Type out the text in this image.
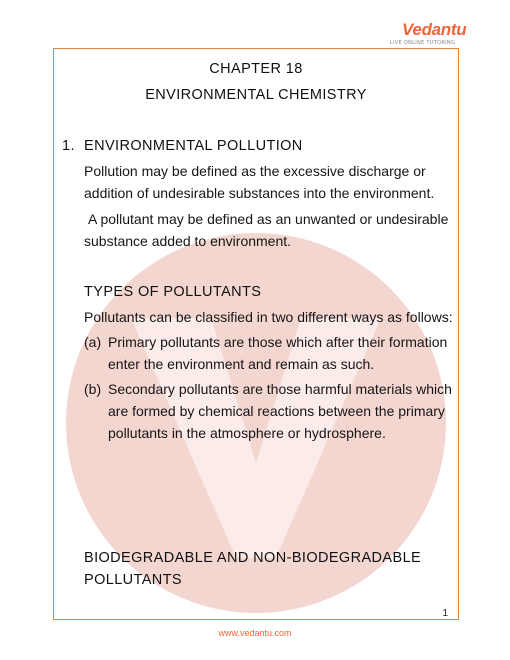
Vedantu
LIVE ONLINE TUTORING
CHAPTER 18
ENVIRONMENTAL CHEMISTRY
1. ENVIRONMENTAL POLLUTION
Pollution may be defined as the excessive discharge or
addition of undesirable substances into the environment.
A pollutant may be defined as an unwanted or undesirable
substance added to environment.
TYPES OF POLLUTANTS
Pollutants can be classified in two different ways as follows:
(a) Primary pollutants are those which after their formation
enter the environment and remain as such.
(b) Secondary pollutants are those harmful materials which
are formed by chemical reactions between the primary
pollutants in the atmosphere or hydrosphere.
BIODEGRADABLE AND NON-BIODEGRADABLE
POLLUTANTS
1
www.vedantu.com
